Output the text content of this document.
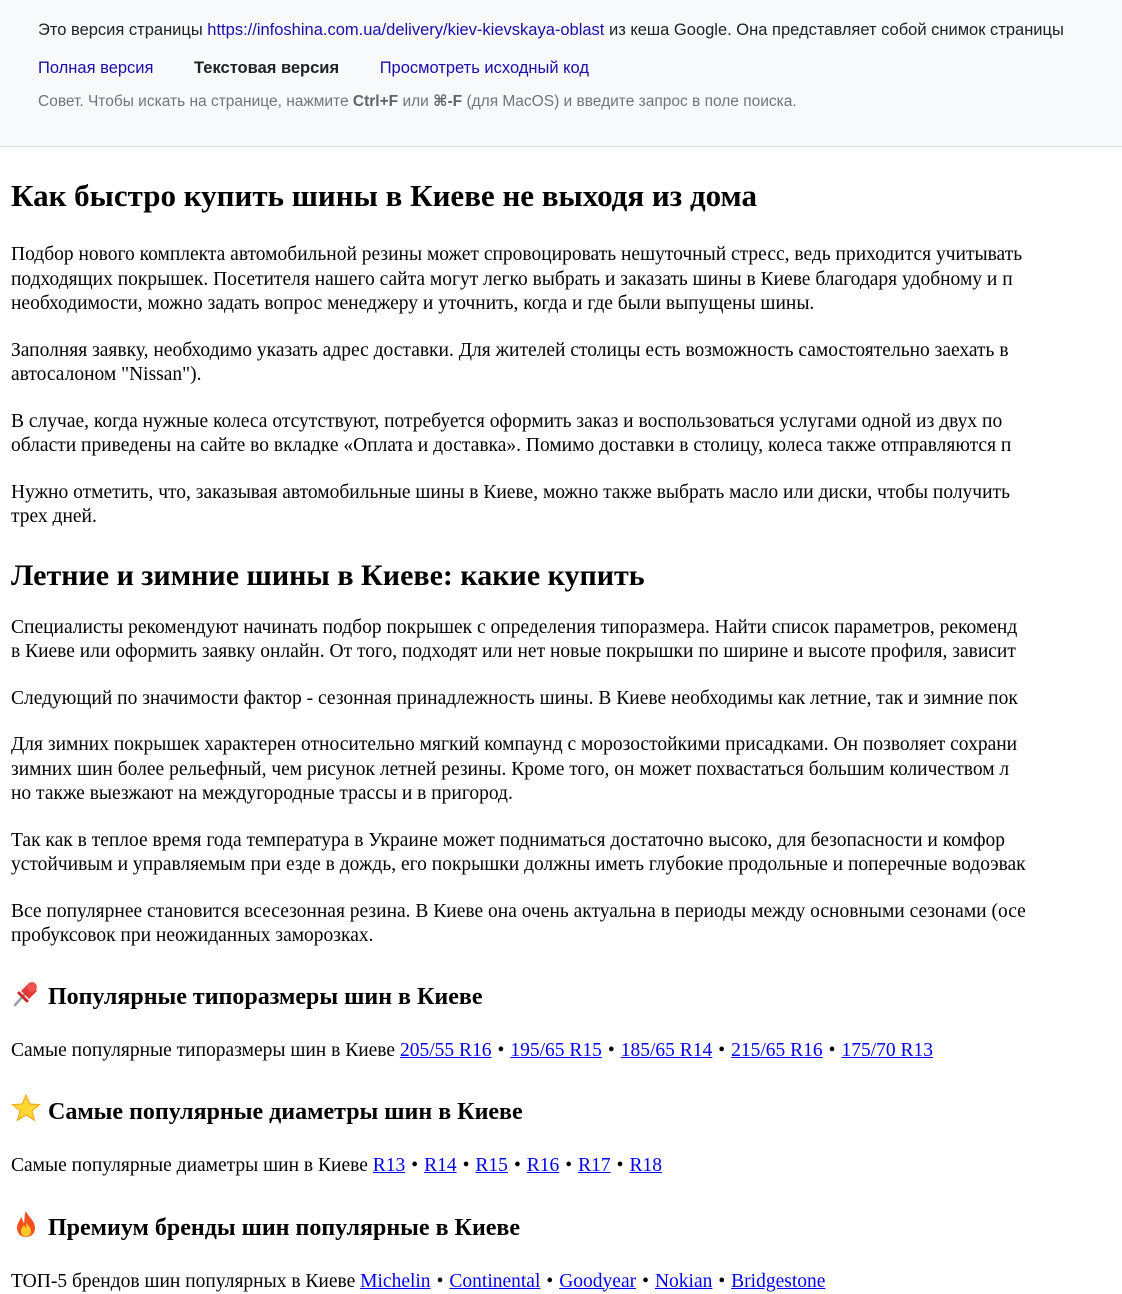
Это версия страницы https://infoshina.com.ua/delivery/kiev-kievskaya-oblast из кеша Google. Она представляет собой снимок страницы
Полная версия Текстовая версия Просмотреть исходный код
Совет. Чтобы искать на странице, нажмите Ctrl+F или ⌘-F (для MacOS) и введите запрос в поле поиска.
Как быстро купить шины в Киеве не выходя из дома

Подбор нового комплекта автомобильной резины может спровоцировать нешуточный стресс, ведь приходится учитывать
подходящих покрышек. Посетителя нашего сайта могут легко выбрать и заказать шины в Киеве благодаря удобному и п
необходимости, можно задать вопрос менеджеру и уточнить, когда и где были выпущены шины.

Заполняя заявку, необходимо указать адрес доставки. Для жителей столицы есть возможность самостоятельно заехать в
автосалоном "Nissan").

В случае, когда нужные колеса отсутствуют, потребуется оформить заказ и воспользоваться услугами одной из двух по
области приведены на сайте во вкладке «Оплата и доставка». Помимо доставки в столицу, колеса также отправляются п

Нужно отметить, что, заказывая автомобильные шины в Киеве, можно также выбрать масло или диски, чтобы получить
трех дней.

Летние и зимние шины в Киеве: какие купить

Специалисты рекомендуют начинать подбор покрышек с определения типоразмера. Найти список параметров, рекоменд
в Киеве или оформить заявку онлайн. От того, подходят или нет новые покрышки по ширине и высоте профиля, зависит

Следующий по значимости фактор - сезонная принадлежность шины. В Киеве необходимы как летние, так и зимние пок

Для зимних покрышек характерен относительно мягкий компаунд с морозостойкими присадками. Он позволяет сохрани
зимних шин более рельефный, чем рисунок летней резины. Кроме того, он может похвастаться большим количеством л
но также выезжают на междугородные трассы и в пригород.

Так как в теплое время года температура в Украине может подниматься достаточно высоко, для безопасности и комфор
устойчивым и управляемым при езде в дождь, его покрышки должны иметь глубокие продольные и поперечные водоэвак

Все популярнее становится всесезонная резина. В Киеве она очень актуальна в периоды между основными сезонами (осе
пробуксовок при неожиданных заморозках.

Популярные типоразмеры шин в Киеве

Самые популярные типоразмеры шин в Киеве 205/55 R16 • 195/65 R15 • 185/65 R14 • 215/65 R16 • 175/70 R13

Самые популярные диаметры шин в Киеве

Самые популярные диаметры шин в Киеве R13 • R14 • R15 • R16 • R17 • R18

Премиум бренды шин популярные в Киеве

ТОП-5 брендов шин популярных в Киеве Michelin • Continental • Goodyear • Nokian • Bridgestone
